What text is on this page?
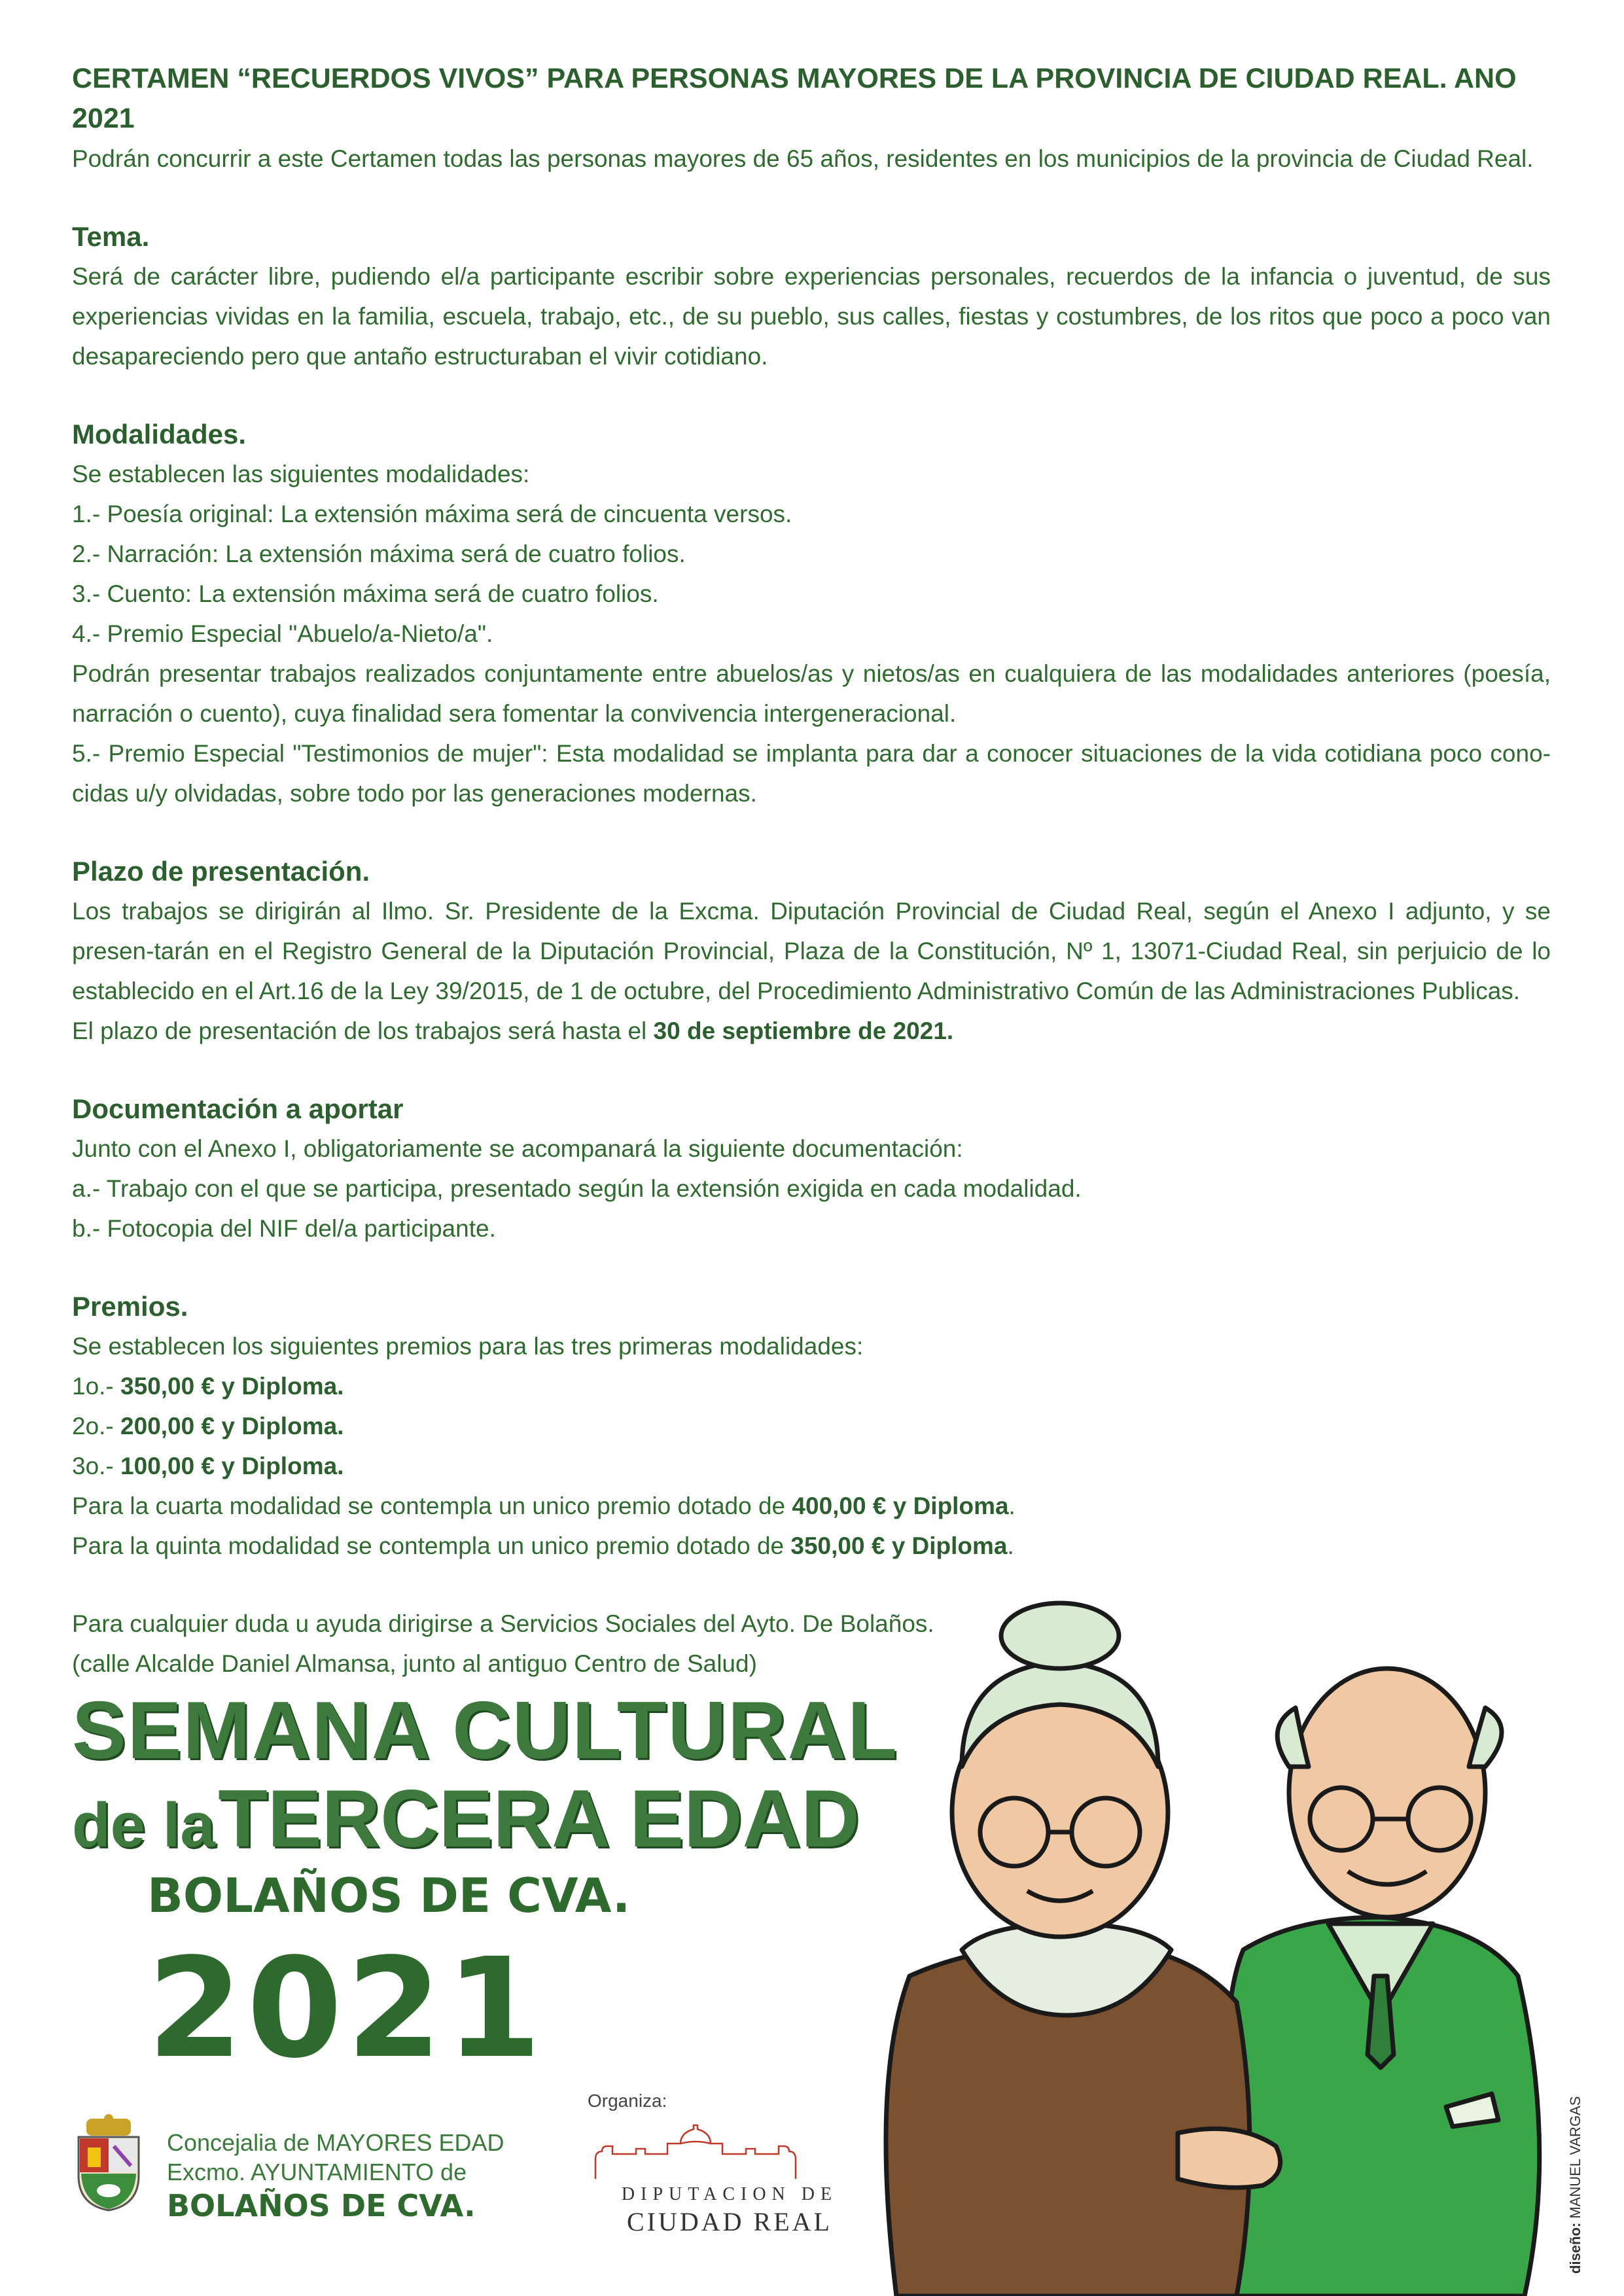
CERTAMEN “RECUERDOS VIVOS” PARA PERSONAS MAYORES DE LA PROVINCIA DE CIUDAD REAL. ANO 2021

Podrán concurrir a este Certamen todas las personas mayores de 65 años, residentes en los municipios de la provincia de Ciudad Real.

Tema.

Será de carácter libre, pudiendo el/a participante escribir sobre experiencias personales, recuerdos de la infancia o juventud, de sus experiencias vividas en la familia, escuela, trabajo, etc., de su pueblo, sus calles, fiestas y costumbres, de los ritos que poco a poco van desapareciendo pero que antaño estructuraban el vivir cotidiano.

Modalidades.

Se establecen las siguientes modalidades:

1.- Poesía original: La extensión máxima será de cincuenta versos.

2.- Narración: La extensión máxima será de cuatro folios.

3.- Cuento: La extensión máxima será de cuatro folios.

4.- Premio Especial "Abuelo/a-Nieto/a".

Podrán presentar trabajos realizados conjuntamente entre abuelos/as y nietos/as en cualquiera de las modalidades anteriores (poesía, narración o cuento), cuya finalidad sera fomentar la convivencia intergeneracional.

5.- Premio Especial "Testimonios de mujer": Esta modalidad se implanta para dar a conocer situaciones de la vida cotidiana poco cono-cidas u/y olvidadas, sobre todo por las generaciones modernas.

Plazo de presentación.

Los trabajos se dirigirán al Ilmo. Sr. Presidente de la Excma. Diputación Provincial de Ciudad Real, según el Anexo I adjunto, y se presen-tarán en el Registro General de la Diputación Provincial, Plaza de la Constitución, Nº 1, 13071-Ciudad Real, sin perjuicio de lo establecido en el Art.16 de la Ley 39/2015, de 1 de octubre, del Procedimiento Administrativo Común de las Administraciones Publicas.

El plazo de presentación de los trabajos será hasta el 30 de septiembre de 2021.

Documentación a aportar

Junto con el Anexo I, obligatoriamente se acompanará la siguiente documentación:

a.- Trabajo con el que se participa, presentado según la extensión exigida en cada modalidad.

b.- Fotocopia del NIF del/a participante.

Premios.

Se establecen los siguientes premios para las tres primeras modalidades:

1o.- 350,00 € y Diploma.

2o.- 200,00 € y Diploma.

3o.- 100,00 € y Diploma.

Para la cuarta modalidad se contempla un unico premio dotado de 400,00 € y Diploma.

Para la quinta modalidad se contempla un unico premio dotado de 350,00 € y Diploma.

Para cualquier duda u ayuda dirigirse a Servicios Sociales del Ayto. De Bolaños.

(calle Alcalde Daniel Almansa, junto al antiguo Centro de Salud)

SEMANA CULTURAL
de la TERCERA EDAD
BOLAÑOS DE CVA.
2021
Concejalia de MAYORES EDAD
Excmo. AYUNTAMIENTO de
BOLAÑOS DE CVA.
Organiza:
DIPUTACION DE
CIUDAD REAL
diseño: MANUEL VARGAS
